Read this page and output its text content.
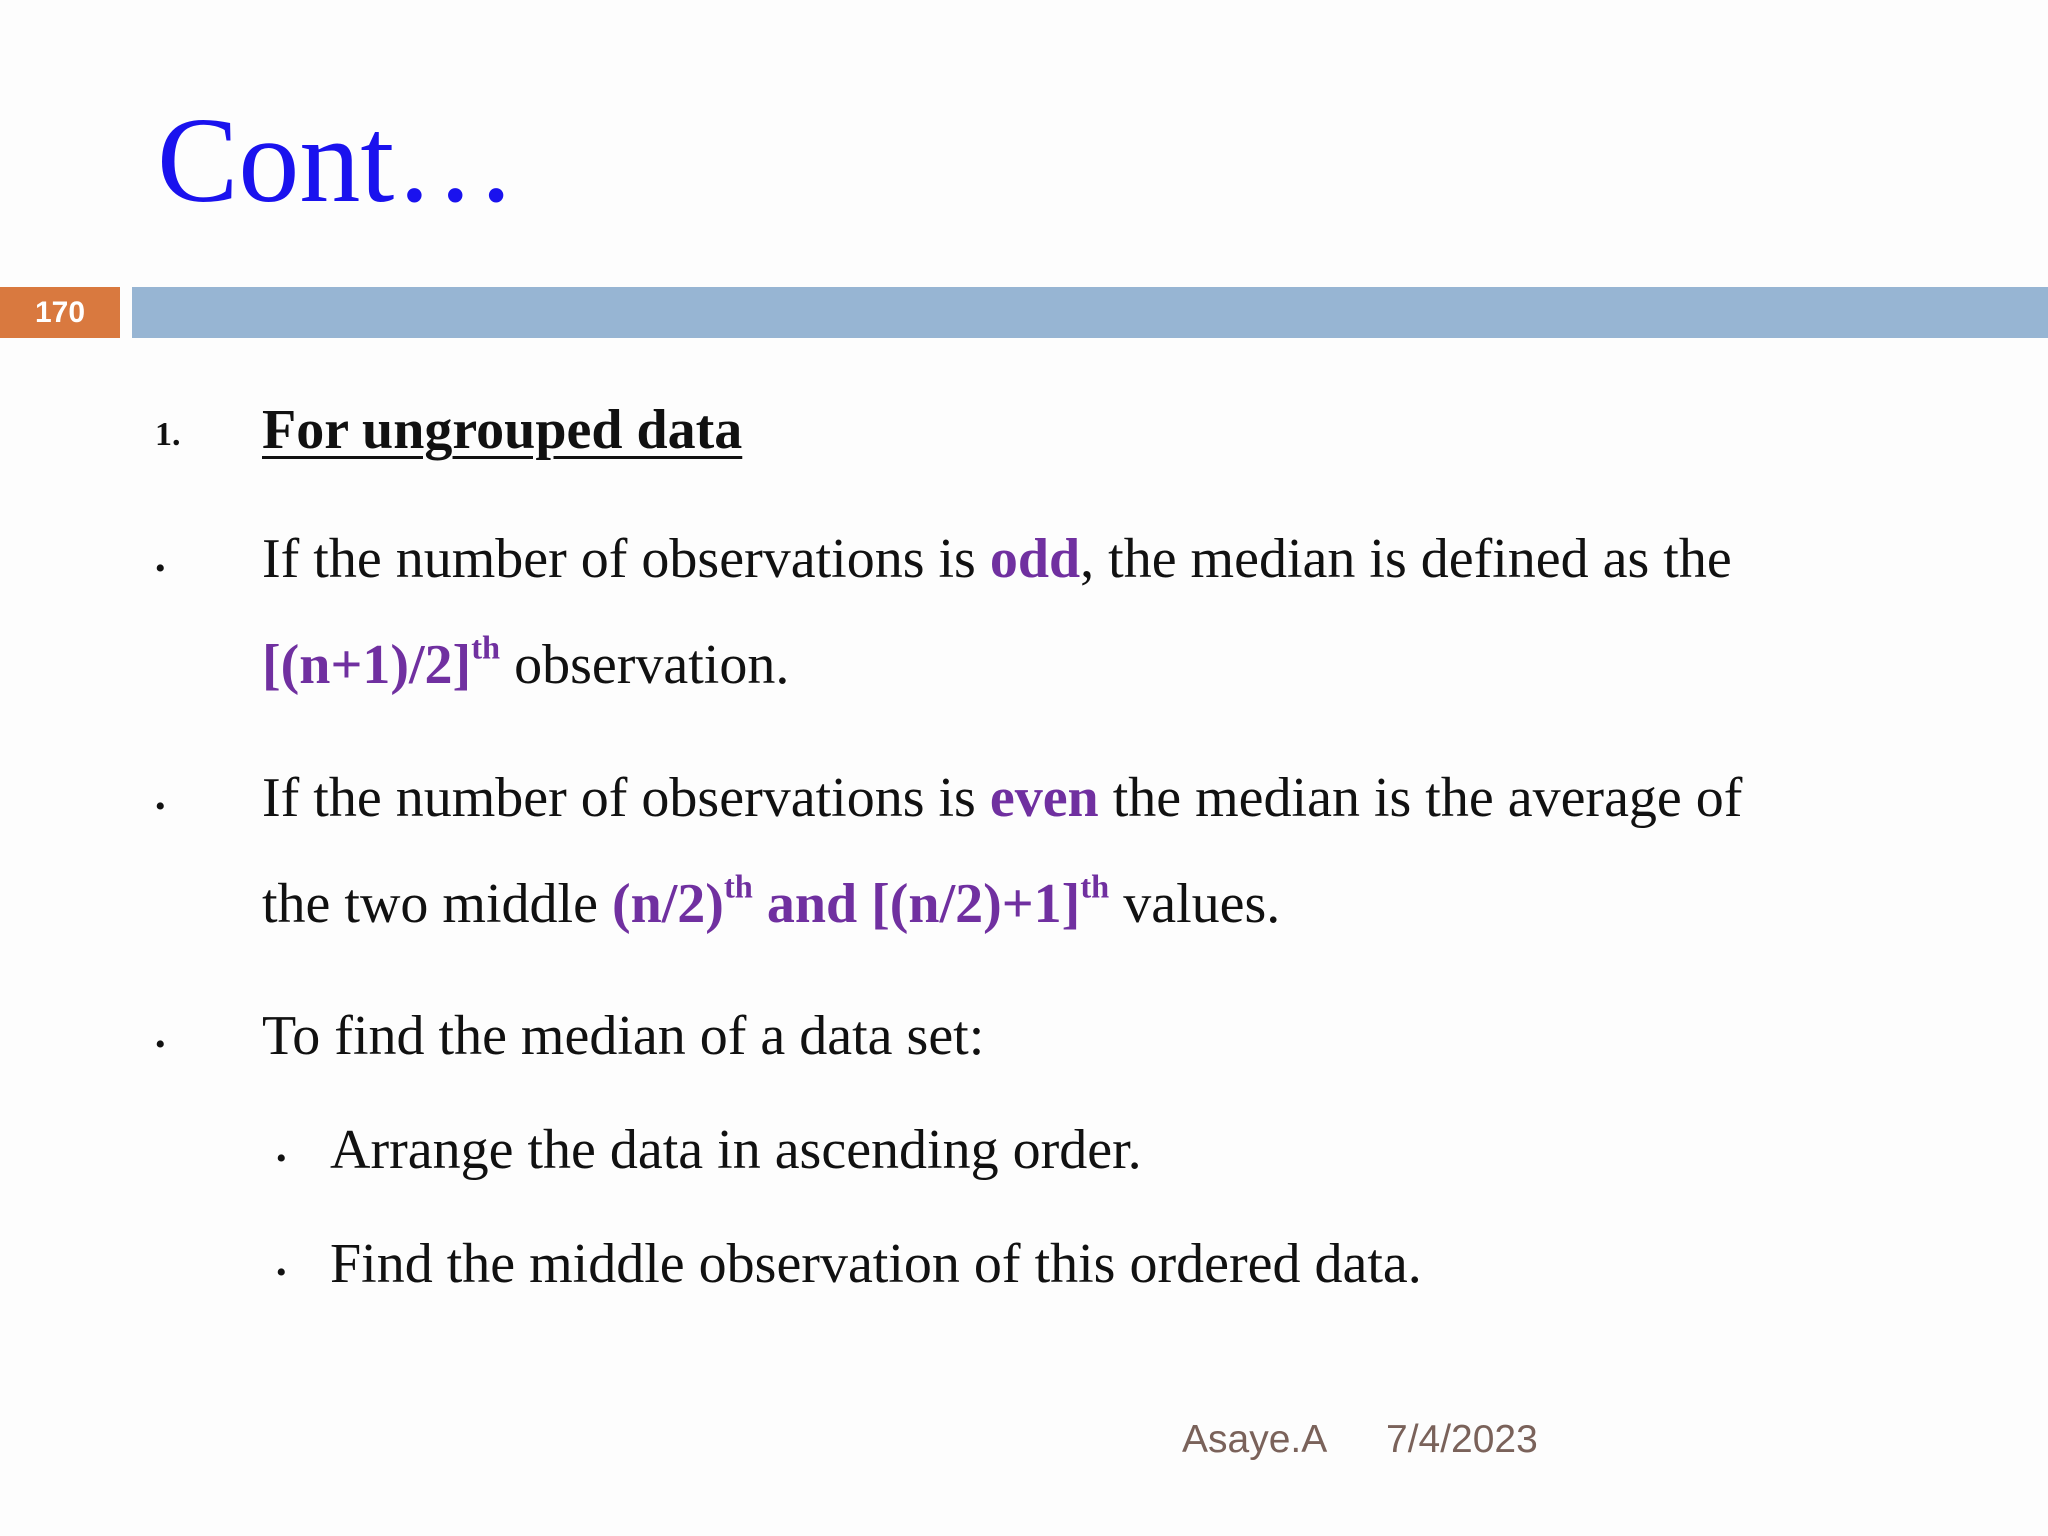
Cont…
170
1. For ungrouped data
• If the number of observations is odd, the median is defined as the
$[(n+1)/2]^{th}$ observation.
• If the number of observations is even the median is the average of
the two middle $(n/2)^{th}$ and $[(n/2)+1]^{th}$ values.
• To find the median of a data set:
• Arrange the data in ascending order.
• Find the middle observation of this ordered data.
Asaye.A 7/4/2023
